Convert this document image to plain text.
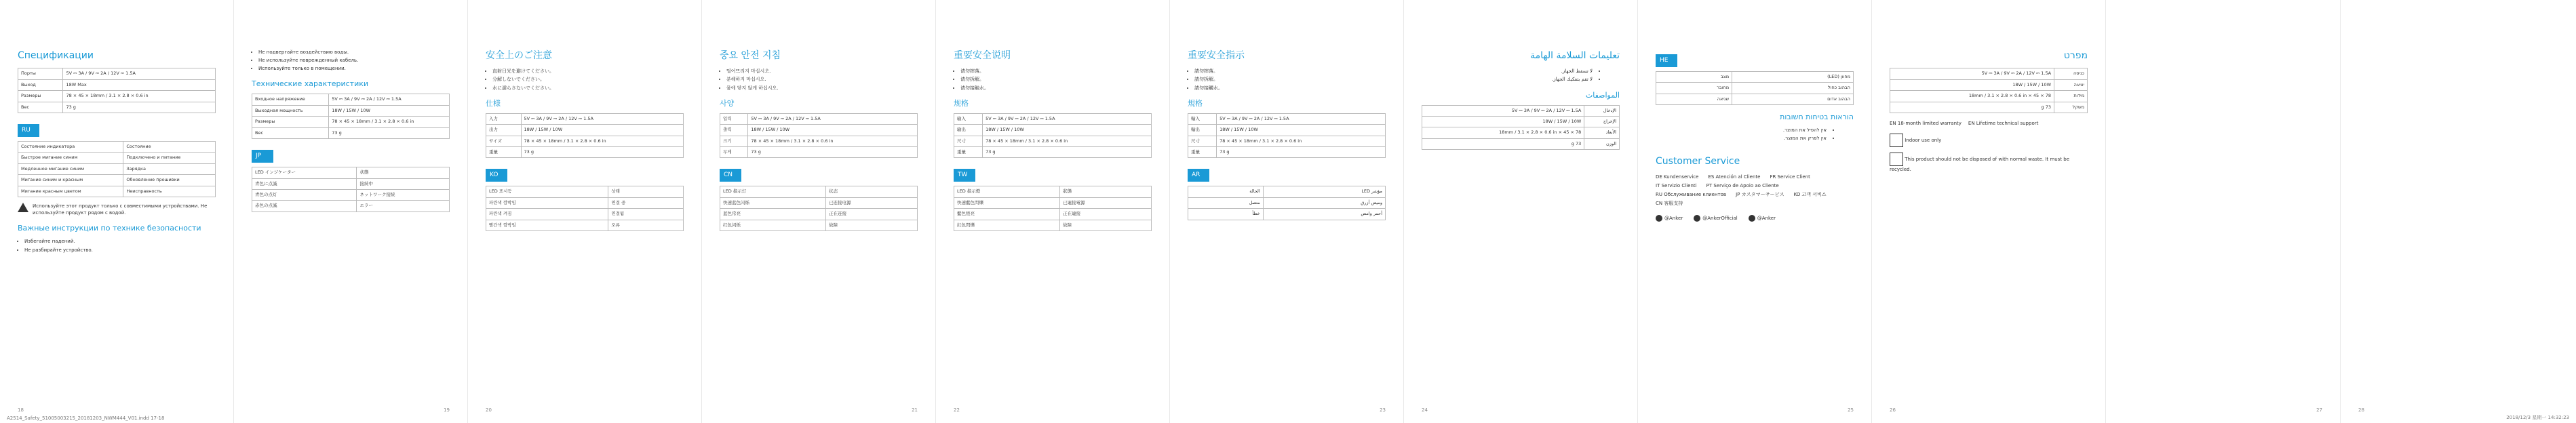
Спецификации
Порты	5V ⎓ 3A / 9V ⎓ 2A / 12V ⎓ 1.5A
Выход	18W Max
Размеры	78 × 45 × 18mm / 3.1 × 2.8 × 0.6 in
Вес	73 g
RU
Состояние индикатора	Состояние
Быстрое мигание синим	Подключено и питание
Медленное мигание синим	Зарядка
Мигание синим и красным	Обновление прошивки
Мигание красным цветом	Неисправность
Используйте этот продукт только с совместимыми устройствами. Не используйте продукт рядом с водой.
Важные инструкции по технике безопасности
• Избегайте падений.
• Не разбирайте устройство.
18
• Не подвергайте воздействию воды.
• Не используйте поврежденный кабель.
• Используйте только в помещении.
Технические характеристики
Входное напряжение	5V ⎓ 3A / 9V ⎓ 2A / 12V ⎓ 1.5A
Выходная мощность	18W / 15W / 10W
Размеры	78 × 45 × 18mm / 3.1 × 2.8 × 0.6 in
Вес	73 g
JP
LED インジケーター	状態
青色に点滅	接続中
青色の点灯	ネットワーク接続
赤色の点滅	エラー
19
安全上のご注意
• 直射日光を避けてください。
• 分解しないでください。
• 水に濡らさないでください。
仕様
入力	5V ⎓ 3A / 9V ⎓ 2A / 12V ⎓ 1.5A
出力	18W / 15W / 10W
サイズ	78 × 45 × 18mm / 3.1 × 2.8 × 0.6 in
重量	73 g
KO
LED 표시등	상태
파란색 깜박임	연결 중
파란색 켜짐	연결됨
빨간색 깜박임	오류
20
중요 안전 지침
• 떨어뜨리지 마십시오.
• 분해하지 마십시오.
• 물에 닿지 않게 하십시오.
사양
입력	5V ⎓ 3A / 9V ⎓ 2A / 12V ⎓ 1.5A
출력	18W / 15W / 10W
크기	78 × 45 × 18mm / 3.1 × 2.8 × 0.6 in
무게	73 g
CN
LED 指示灯	状态
快速蓝色闪烁	已连接电源
蓝色常亮	正在连接
红色闪烁	故障
21
重要安全说明
• 请勿摔落。
• 请勿拆解。
• 请勿接触水。
规格
输入	5V ⎓ 3A / 9V ⎓ 2A / 12V ⎓ 1.5A
输出	18W / 15W / 10W
尺寸	78 × 45 × 18mm / 3.1 × 2.8 × 0.6 in
重量	73 g
TW
LED 指示燈	狀態
快速藍色閃爍	已連接電源
藍色恆亮	正在連接
紅色閃爍	故障
22
重要安全指示
• 請勿摔落。
• 請勿拆解。
• 請勿接觸水。
規格
輸入	5V ⎓ 3A / 9V ⎓ 2A / 12V ⎓ 1.5A
輸出	18W / 15W / 10W
尺寸	78 × 45 × 18mm / 3.1 × 2.8 × 0.6 in
重量	73 g
AR
مؤشر LED	الحالة
وميض أزرق	متصل
أحمر وامض	خطأ
23
تعليمات السلامة الهامة
• لا تسقط الجهاز.
• لا تقم بتفكيك الجهاز.
المواصفات
الإدخال	5V ⎓ 3A / 9V ⎓ 2A / 12V ⎓ 1.5A
الإخراج	18W / 15W / 10W
الأبعاد	78 × 45 × 18mm / 3.1 × 2.8 × 0.6 in
الوزن	73 g
24
HE
מחוון (LED)	מצב
הבהוב כחול	מחובר
הבהוב אדום	שגיאה
הוראות בטיחות חשובות
• אין להפיל את המוצר.
• אין לפרק את המוצר.
Customer Service
DE Kundenservice ES Atención al Cliente FR Service Client
IT Servizio Clienti PT Serviço de Apoio ao Cliente
RU Обслуживание клиентов JP カスタマーサービス KO 고객 서비스
CN 客服支持
@Anker	@AnkerOfficial	@Anker
25
מפרט
כניסה	5V ⎓ 3A / 9V ⎓ 2A / 12V ⎓ 1.5A
יציאה	18W / 15W / 10W
מידות	78 × 45 × 18mm / 3.1 × 2.8 × 0.6 in
משקל	73 g
EN 18-month limited warranty EN Lifetime technical support
Indoor use only
This product should not be disposed of with normal waste. It must be recycled.
26	27	28
A2514_Safety_51005003215_20181203_NWM444_V01.indd 17-18	2018/12/3 星期一 14:32:23
